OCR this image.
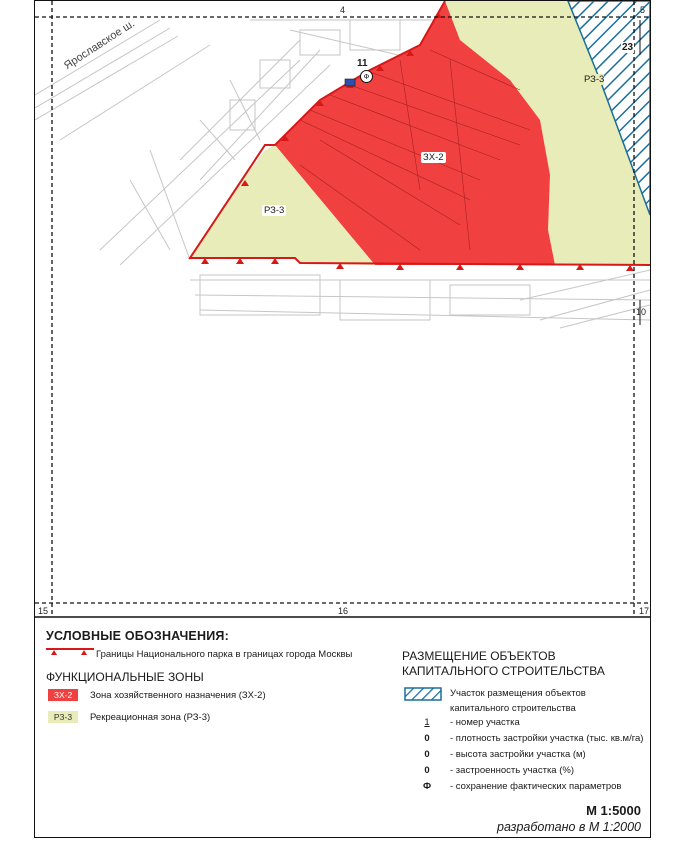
Ярославское ш.
ЗХ-2
РЗ-3
РЗ-3
11
Ф
23
4	5
10
15	16	17
УСЛОВНЫЕ ОБОЗНАЧЕНИЯ:
Границы Национального парка в границах города Москвы
ФУНКЦИОНАЛЬНЫЕ ЗОНЫ
ЗХ-2	Зона хозяйственного назначения (ЗХ-2)
РЗ-3	Рекреационная зона (РЗ-3)
РАЗМЕЩЕНИЕ ОБЪЕКТОВ КАПИТАЛЬНОГО СТРОИТЕЛЬСТВА
Участок размещения объектов капитального строительства
1	- номер участка
0	- плотность застройки участка (тыс. кв.м/га)
0	- высота застройки участка (м)
0	- застроенность участка (%)
Ф	- сохранение фактических параметров
М 1:5000
разработано в М 1:2000
